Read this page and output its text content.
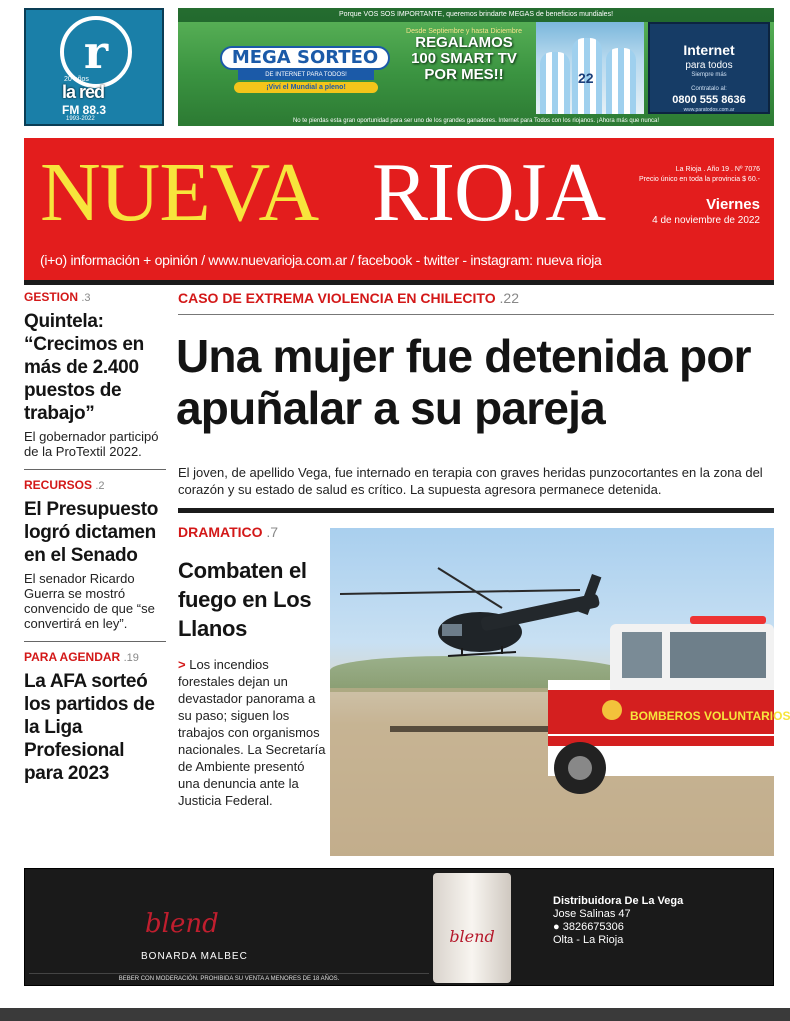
r
20 años
la red
FM 88.3
1993-2022
Porque VOS SOS IMPORTANTE, queremos brindarte MEGAS de beneficios mundiales!
MEGA SORTEO
DE INTERNET PARA TODOS!
¡Viví el Mundial a pleno!
Desde Septiembre y hasta Diciembre
REGALAMOS
100 SMART TV
POR MES!!	22
Internet
para todos
Siempre más
Contratalo al:
0800 555 8636
www.paratodos.com.ar
No te pierdas esta gran oportunidad para ser uno de los grandes ganadores. Internet para Todos con los riojanos. ¡Ahora más que nunca!
NUEVA RIOJA	La Rioja . Año 19 . Nº 7076
Precio único en toda la provincia $ 60.-
Viernes
4 de noviembre de 2022
(i+o) información + opinión / www.nuevarioja.com.ar / facebook - twitter - instagram: nueva rioja
GESTION .3
Quintela: “Crecimos en más de 2.400 puestos de trabajo”
El gobernador participó de la ProTextil 2022.
RECURSOS .2
El Presupuesto logró dictamen en el Senado
El senador Ricardo Guerra se mostró convencido de que “se convertirá en ley”.
PARA AGENDAR .19
La AFA sorteó los partidos de la Liga Profesional para 2023
CASO DE EXTREMA VIOLENCIA EN CHILECITO .22
Una mujer fue detenida por apuñalar a su pareja
El joven, de apellido Vega, fue internado en terapia con graves heridas punzocortantes en la zona del corazón y su estado de salud es crítico. La supuesta agresora permanece detenida.
DRAMATICO .7
Combaten el fuego en Los Llanos
> Los incendios forestales dejan un devastador panorama a su paso; siguen los trabajos con organismos nacionales. La Secretaría de Ambiente presentó una denuncia ante la Justicia Federal.
BOMBEROS VOLUNTARIOS
blend
BONARDA MALBEC
BEBER CON MODERACIÓN. PROHIBIDA SU VENTA A MENORES DE 18 AÑOS.
blend
Distribuidora De La Vega
Jose Salinas 47
● 3826675306
Olta - La Rioja
